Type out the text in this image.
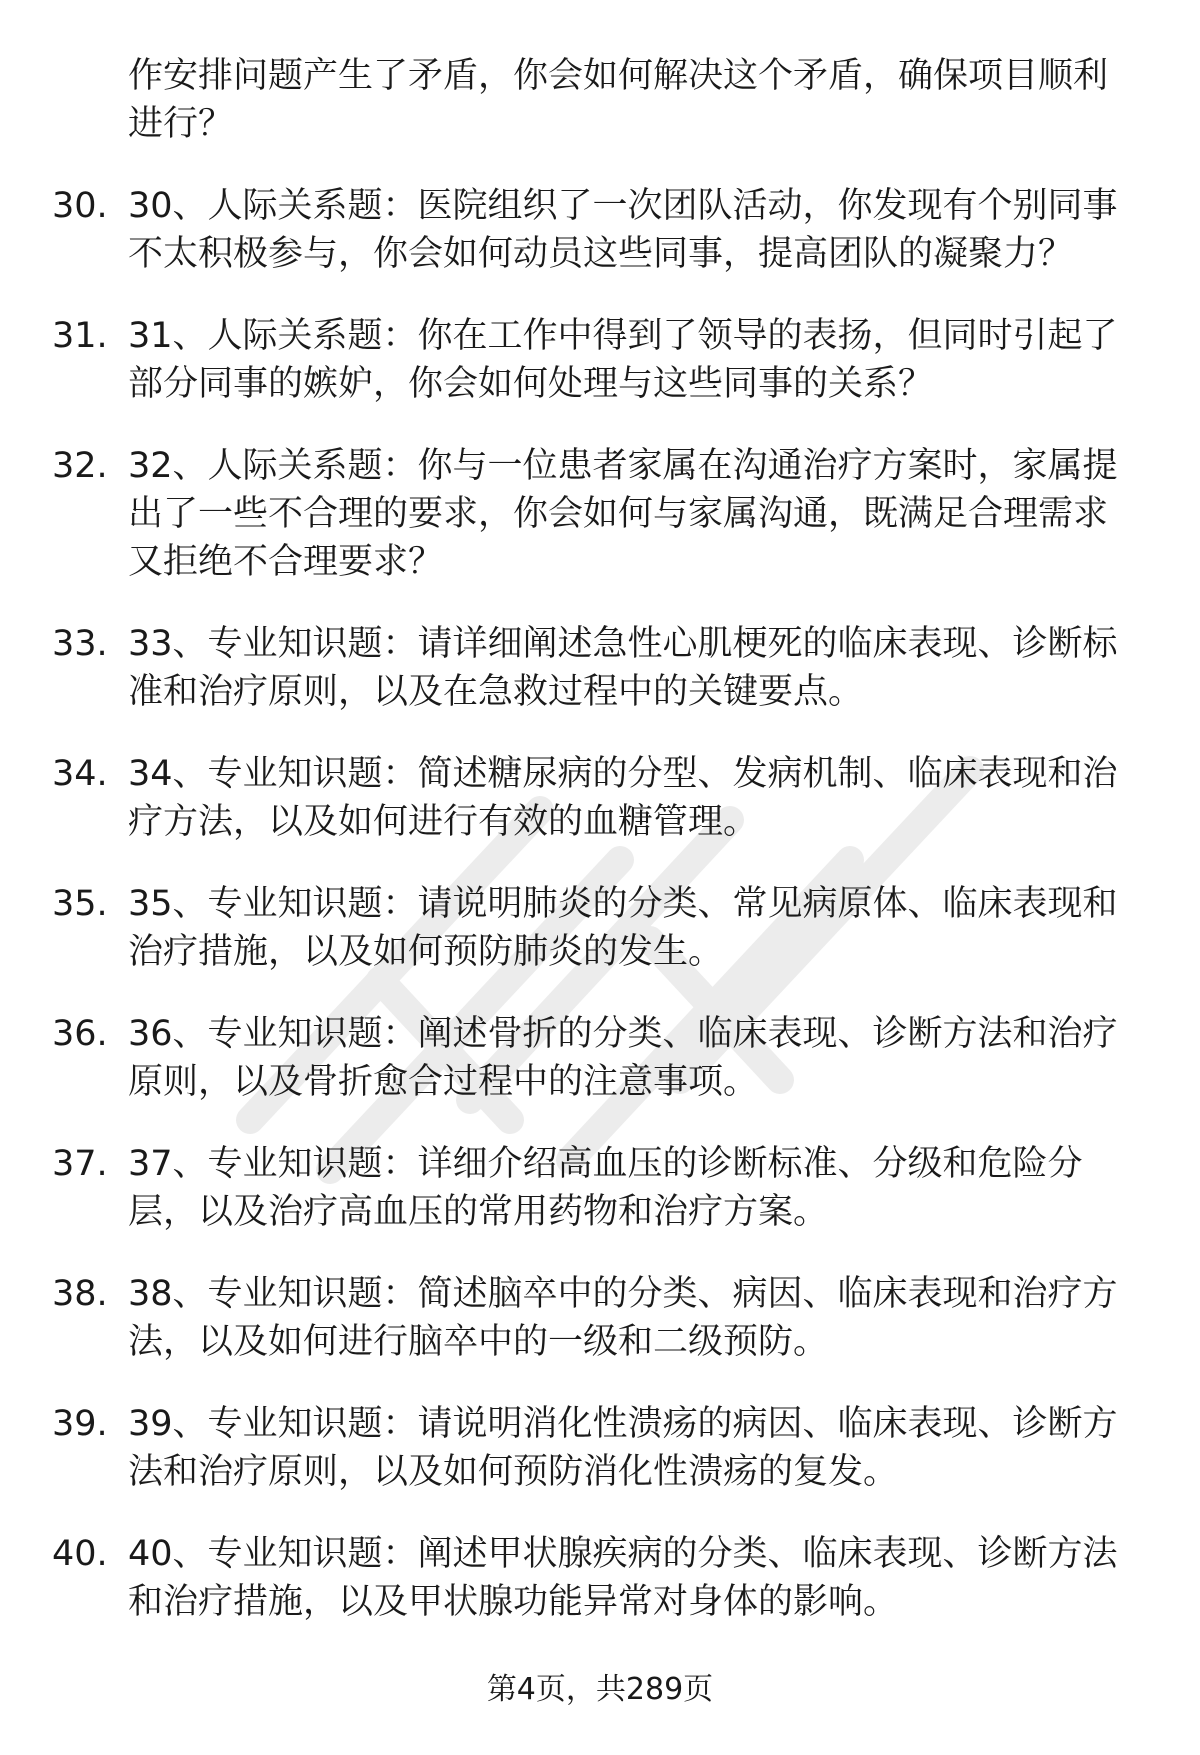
作安排问题产生了矛盾，你会如何解决这个矛盾，确保项目顺利进行？
30. 30、人际关系题：医院组织了一次团队活动，你发现有个别同事不太积极参与，你会如何动员这些同事，提高团队的凝聚力？
31. 31、人际关系题：你在工作中得到了领导的表扬，但同时引起了部分同事的嫉妒，你会如何处理与这些同事的关系？
32. 32、人际关系题：你与一位患者家属在沟通治疗方案时，家属提出了一些不合理的要求，你会如何与家属沟通，既满足合理需求又拒绝不合理要求？
33. 33、专业知识题：请详细阐述急性心肌梗死的临床表现、诊断标准和治疗原则，以及在急救过程中的关键要点。
34. 34、专业知识题：简述糖尿病的分型、发病机制、临床表现和治疗方法，以及如何进行有效的血糖管理。
35. 35、专业知识题：请说明肺炎的分类、常见病原体、临床表现和治疗措施，以及如何预防肺炎的发生。
36. 36、专业知识题：阐述骨折的分类、临床表现、诊断方法和治疗原则，以及骨折愈合过程中的注意事项。
37. 37、专业知识题：详细介绍高血压的诊断标准、分级和危险分层，以及治疗高血压的常用药物和治疗方案。
38. 38、专业知识题：简述脑卒中的分类、病因、临床表现和治疗方法，以及如何进行脑卒中的一级和二级预防。
39. 39、专业知识题：请说明消化性溃疡的病因、临床表现、诊断方法和治疗原则，以及如何预防消化性溃疡的复发。
40. 40、专业知识题：阐述甲状腺疾病的分类、临床表现、诊断方法和治疗措施，以及甲状腺功能异常对身体的影响。
第4页，共289页
